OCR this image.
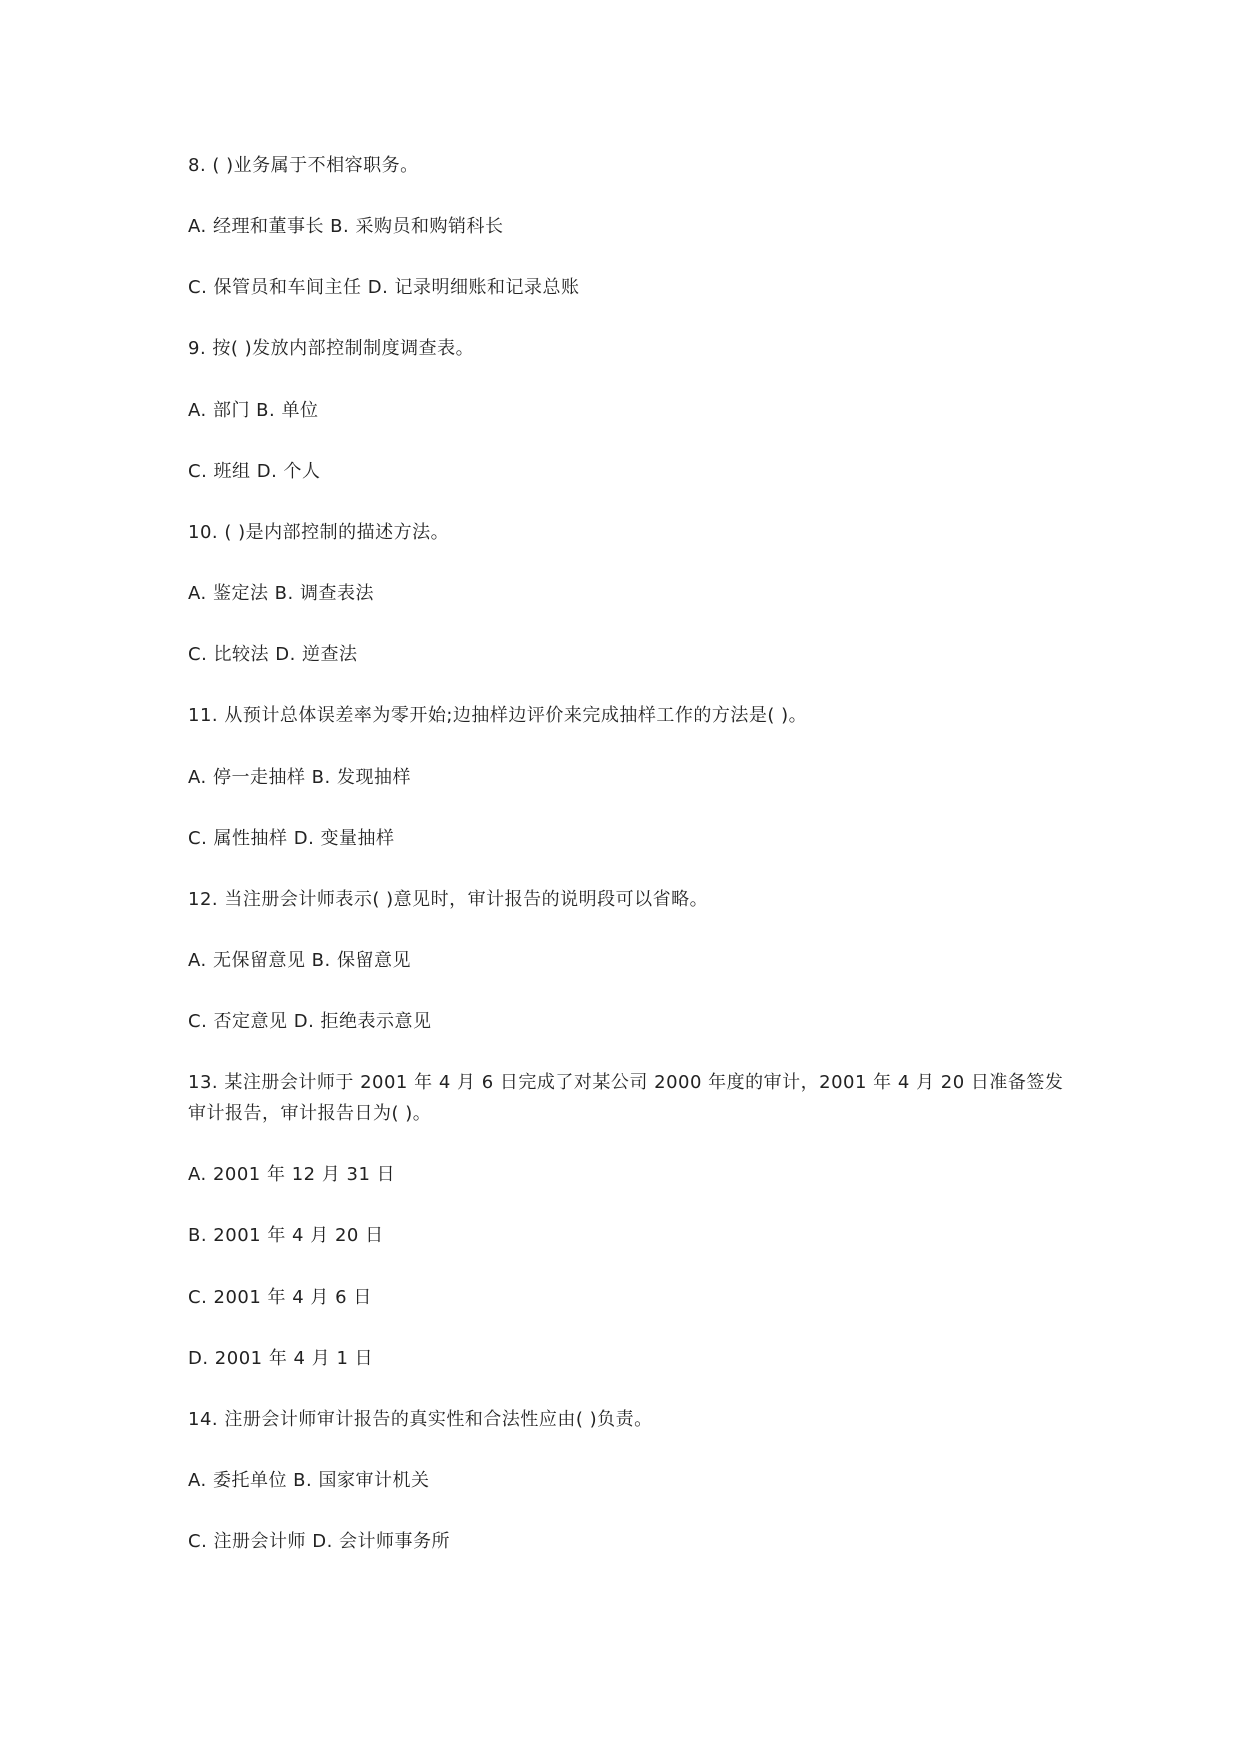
8. ( )业务属于不相容职务。
A. 经理和董事长 B. 采购员和购销科长
C. 保管员和车间主任 D. 记录明细账和记录总账
9. 按( )发放内部控制制度调查表。
A. 部门 B. 单位
C. 班组 D. 个人
10. ( )是内部控制的描述方法。
A. 鉴定法 B. 调查表法
C. 比较法 D. 逆查法
11. 从预计总体误差率为零开始;边抽样边评价来完成抽样工作的方法是( )。
A. 停一走抽样 B. 发现抽样
C. 属性抽样 D. 变量抽样
12. 当注册会计师表示( )意见时，审计报告的说明段可以省略。
A. 无保留意见 B. 保留意见
C. 否定意见 D. 拒绝表示意见
13. 某注册会计师于 2001 年 4 月 6 日完成了对某公司 2000 年度的审计，2001 年 4 月 20 日准备签发
审计报告，审计报告日为( )。
A. 2001 年 12 月 31 日
B. 2001 年 4 月 20 日
C. 2001 年 4 月 6 日
D. 2001 年 4 月 1 日
14. 注册会计师审计报告的真实性和合法性应由( )负责。
A. 委托单位 B. 国家审计机关
C. 注册会计师 D. 会计师事务所
